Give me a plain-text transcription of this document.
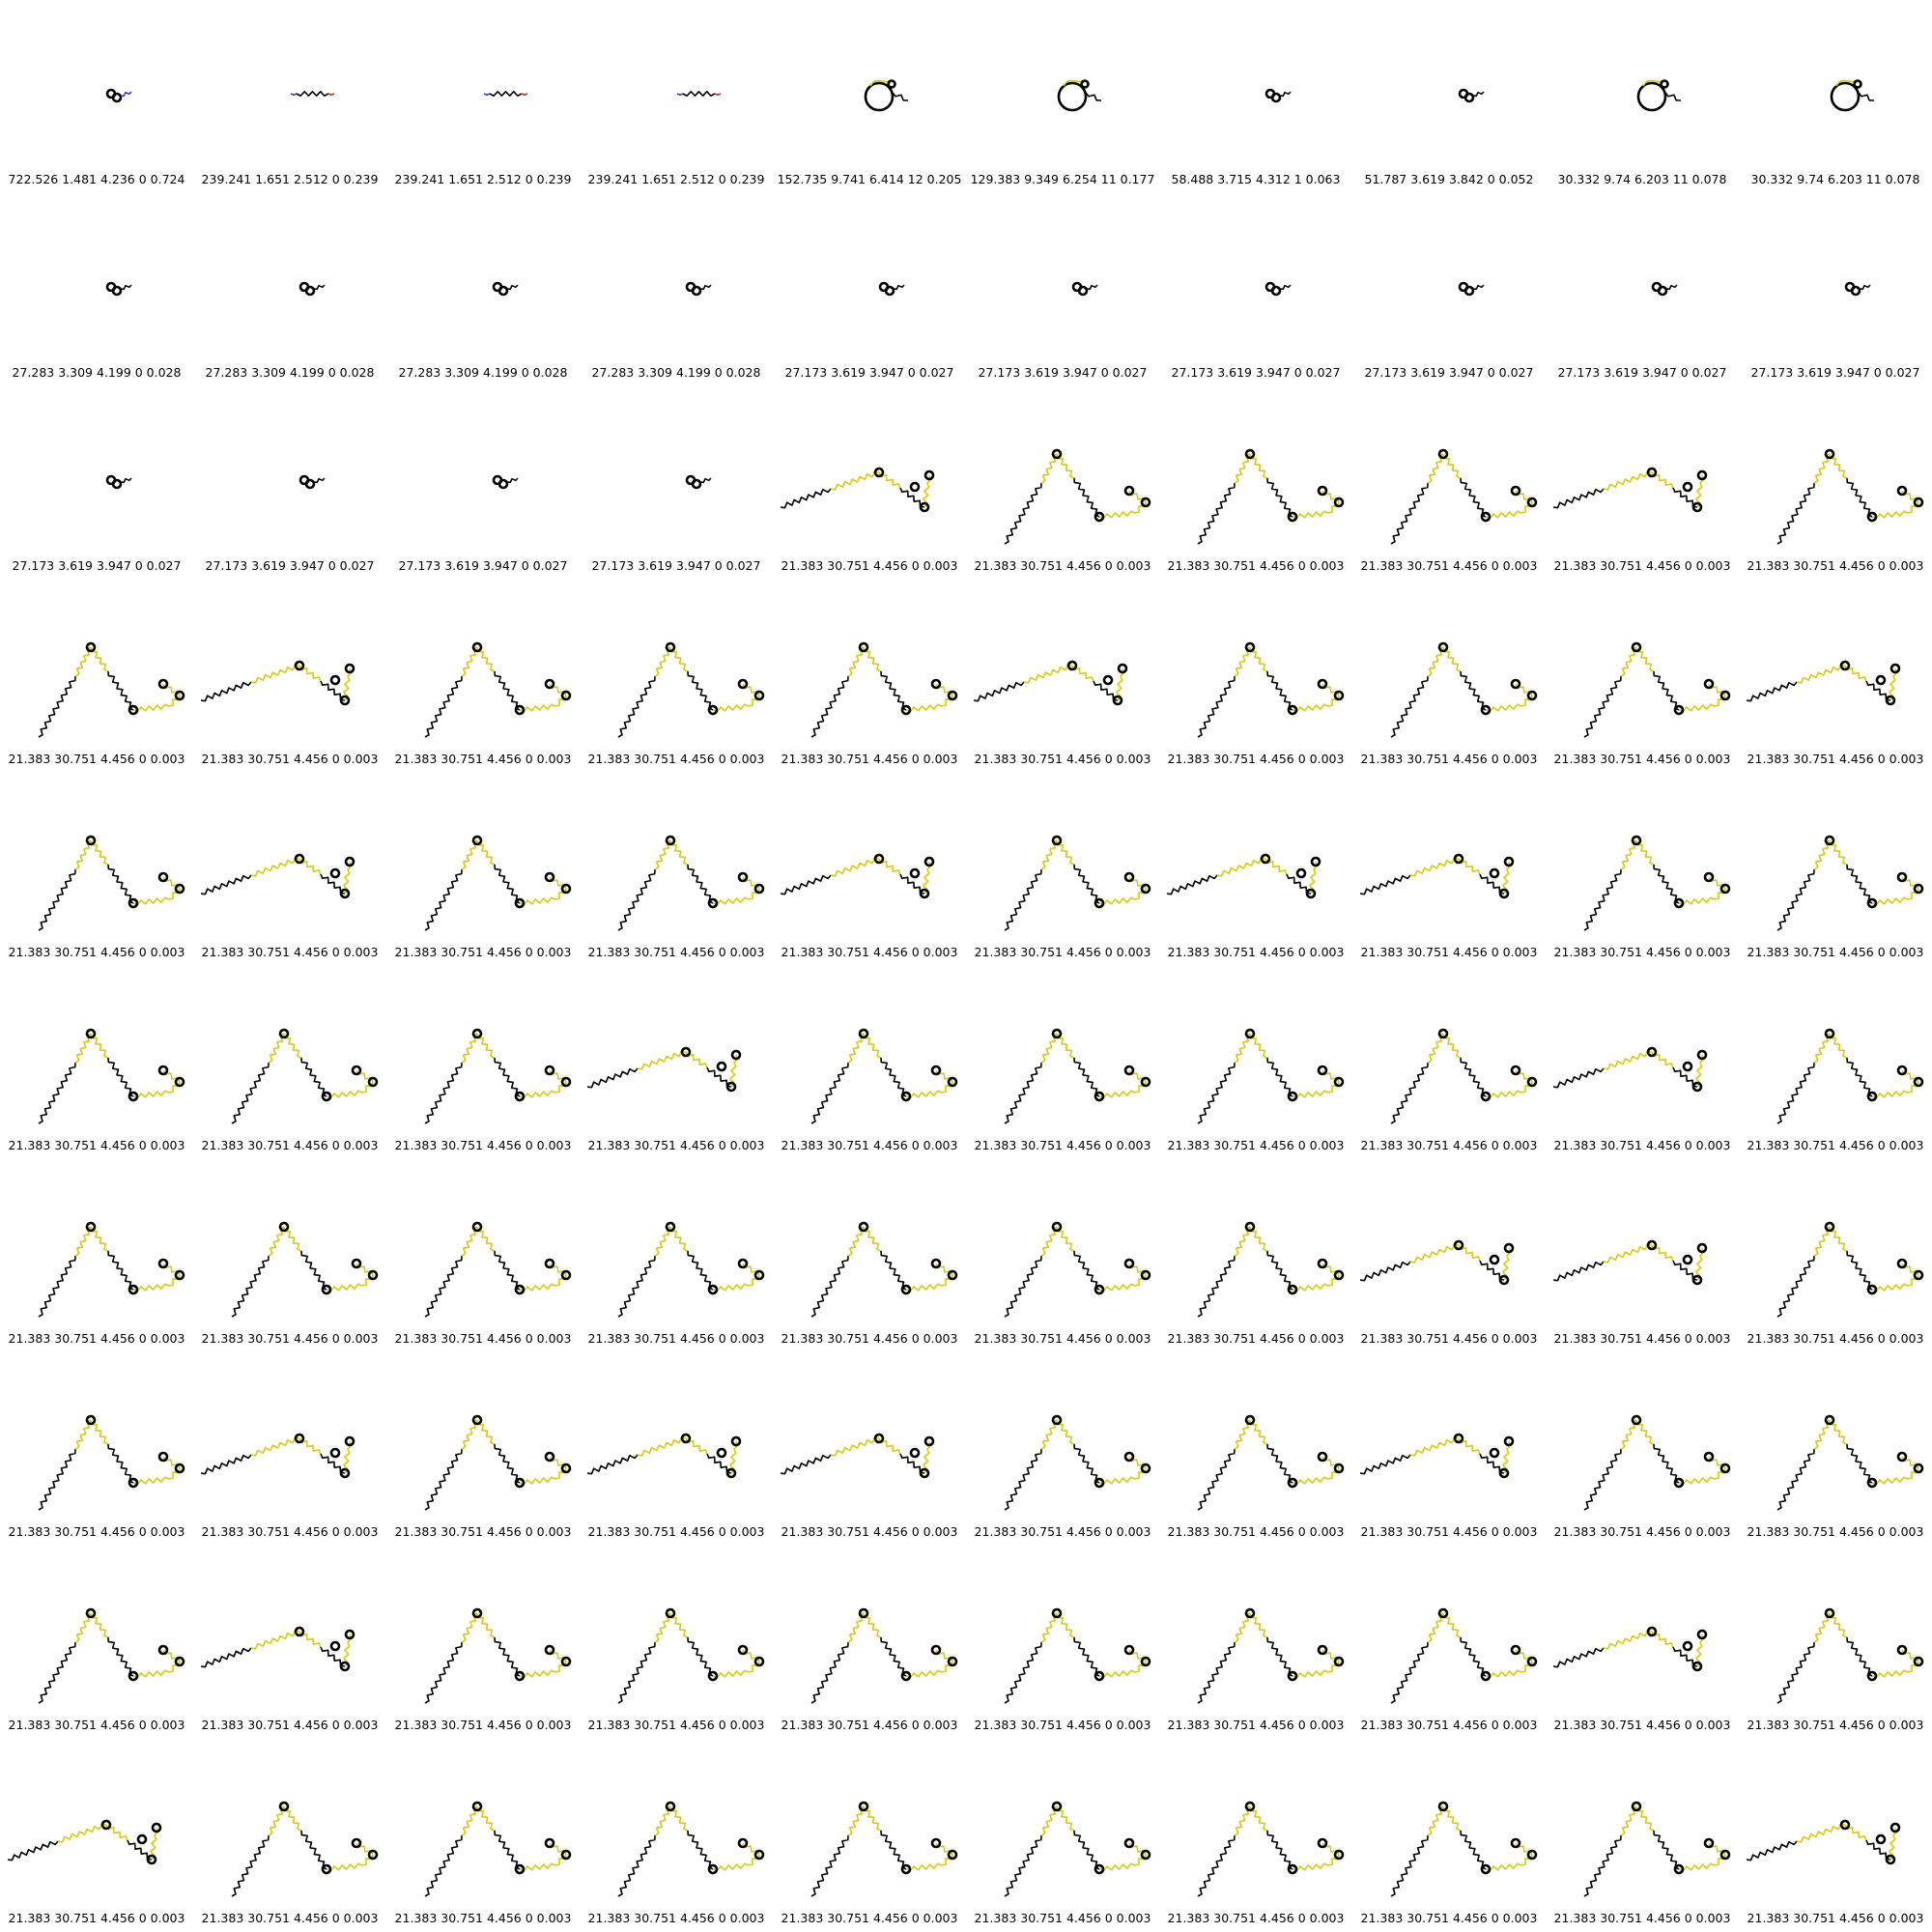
722.526 1.481 4.236 0 0.724	239.241 1.651 2.512 0 0.239	239.241 1.651 2.512 0 0.239	239.241 1.651 2.512 0 0.239	152.735 9.741 6.414 12 0.205 129.383 9.349 6.254 11 0.177	58.488 3.715 4.312 1 0.063	51.787 3.619 3.842 0 0.052	30.332 9.74 6.203 11 0.078	30.332 9.74 6.203 11 0.078
27.283 3.309 4.199 0 0.028	27.283 3.309 4.199 0 0.028	27.283 3.309 4.199 0 0.028	27.283 3.309 4.199 0 0.028	27.173 3.619 3.947 0 0.027	27.173 3.619 3.947 0 0.027	27.173 3.619 3.947 0 0.027	27.173 3.619 3.947 0 0.027	27.173 3.619 3.947 0 0.027	27.173 3.619 3.947 0 0.027
27.173 3.619 3.947 0 0.027	27.173 3.619 3.947 0 0.027	27.173 3.619 3.947 0 0.027	27.173 3.619 3.947 0 0.027	21.383 30.751 4.456 0 0.003	21.383 30.751 4.456 0 0.003	21.383 30.751 4.456 0 0.003	21.383 30.751 4.456 0 0.003	21.383 30.751 4.456 0 0.003	21.383 30.751 4.456 0 0.003
21.383 30.751 4.456 0 0.003	21.383 30.751 4.456 0 0.003	21.383 30.751 4.456 0 0.003	21.383 30.751 4.456 0 0.003	21.383 30.751 4.456 0 0.003	21.383 30.751 4.456 0 0.003	21.383 30.751 4.456 0 0.003	21.383 30.751 4.456 0 0.003	21.383 30.751 4.456 0 0.003	21.383 30.751 4.456 0 0.003
21.383 30.751 4.456 0 0.003	21.383 30.751 4.456 0 0.003	21.383 30.751 4.456 0 0.003	21.383 30.751 4.456 0 0.003	21.383 30.751 4.456 0 0.003	21.383 30.751 4.456 0 0.003	21.383 30.751 4.456 0 0.003	21.383 30.751 4.456 0 0.003	21.383 30.751 4.456 0 0.003	21.383 30.751 4.456 0 0.003
21.383 30.751 4.456 0 0.003	21.383 30.751 4.456 0 0.003	21.383 30.751 4.456 0 0.003	21.383 30.751 4.456 0 0.003	21.383 30.751 4.456 0 0.003	21.383 30.751 4.456 0 0.003	21.383 30.751 4.456 0 0.003	21.383 30.751 4.456 0 0.003	21.383 30.751 4.456 0 0.003	21.383 30.751 4.456 0 0.003
21.383 30.751 4.456 0 0.003	21.383 30.751 4.456 0 0.003	21.383 30.751 4.456 0 0.003	21.383 30.751 4.456 0 0.003	21.383 30.751 4.456 0 0.003	21.383 30.751 4.456 0 0.003	21.383 30.751 4.456 0 0.003	21.383 30.751 4.456 0 0.003	21.383 30.751 4.456 0 0.003	21.383 30.751 4.456 0 0.003
21.383 30.751 4.456 0 0.003	21.383 30.751 4.456 0 0.003	21.383 30.751 4.456 0 0.003	21.383 30.751 4.456 0 0.003	21.383 30.751 4.456 0 0.003	21.383 30.751 4.456 0 0.003	21.383 30.751 4.456 0 0.003	21.383 30.751 4.456 0 0.003	21.383 30.751 4.456 0 0.003	21.383 30.751 4.456 0 0.003
21.383 30.751 4.456 0 0.003	21.383 30.751 4.456 0 0.003	21.383 30.751 4.456 0 0.003	21.383 30.751 4.456 0 0.003	21.383 30.751 4.456 0 0.003	21.383 30.751 4.456 0 0.003	21.383 30.751 4.456 0 0.003	21.383 30.751 4.456 0 0.003	21.383 30.751 4.456 0 0.003	21.383 30.751 4.456 0 0.003
21.383 30.751 4.456 0 0.003	21.383 30.751 4.456 0 0.003	21.383 30.751 4.456 0 0.003	21.383 30.751 4.456 0 0.003	21.383 30.751 4.456 0 0.003	21.383 30.751 4.456 0 0.003	21.383 30.751 4.456 0 0.003	21.383 30.751 4.456 0 0.003	21.383 30.751 4.456 0 0.003	21.383 30.751 4.456 0 0.003
